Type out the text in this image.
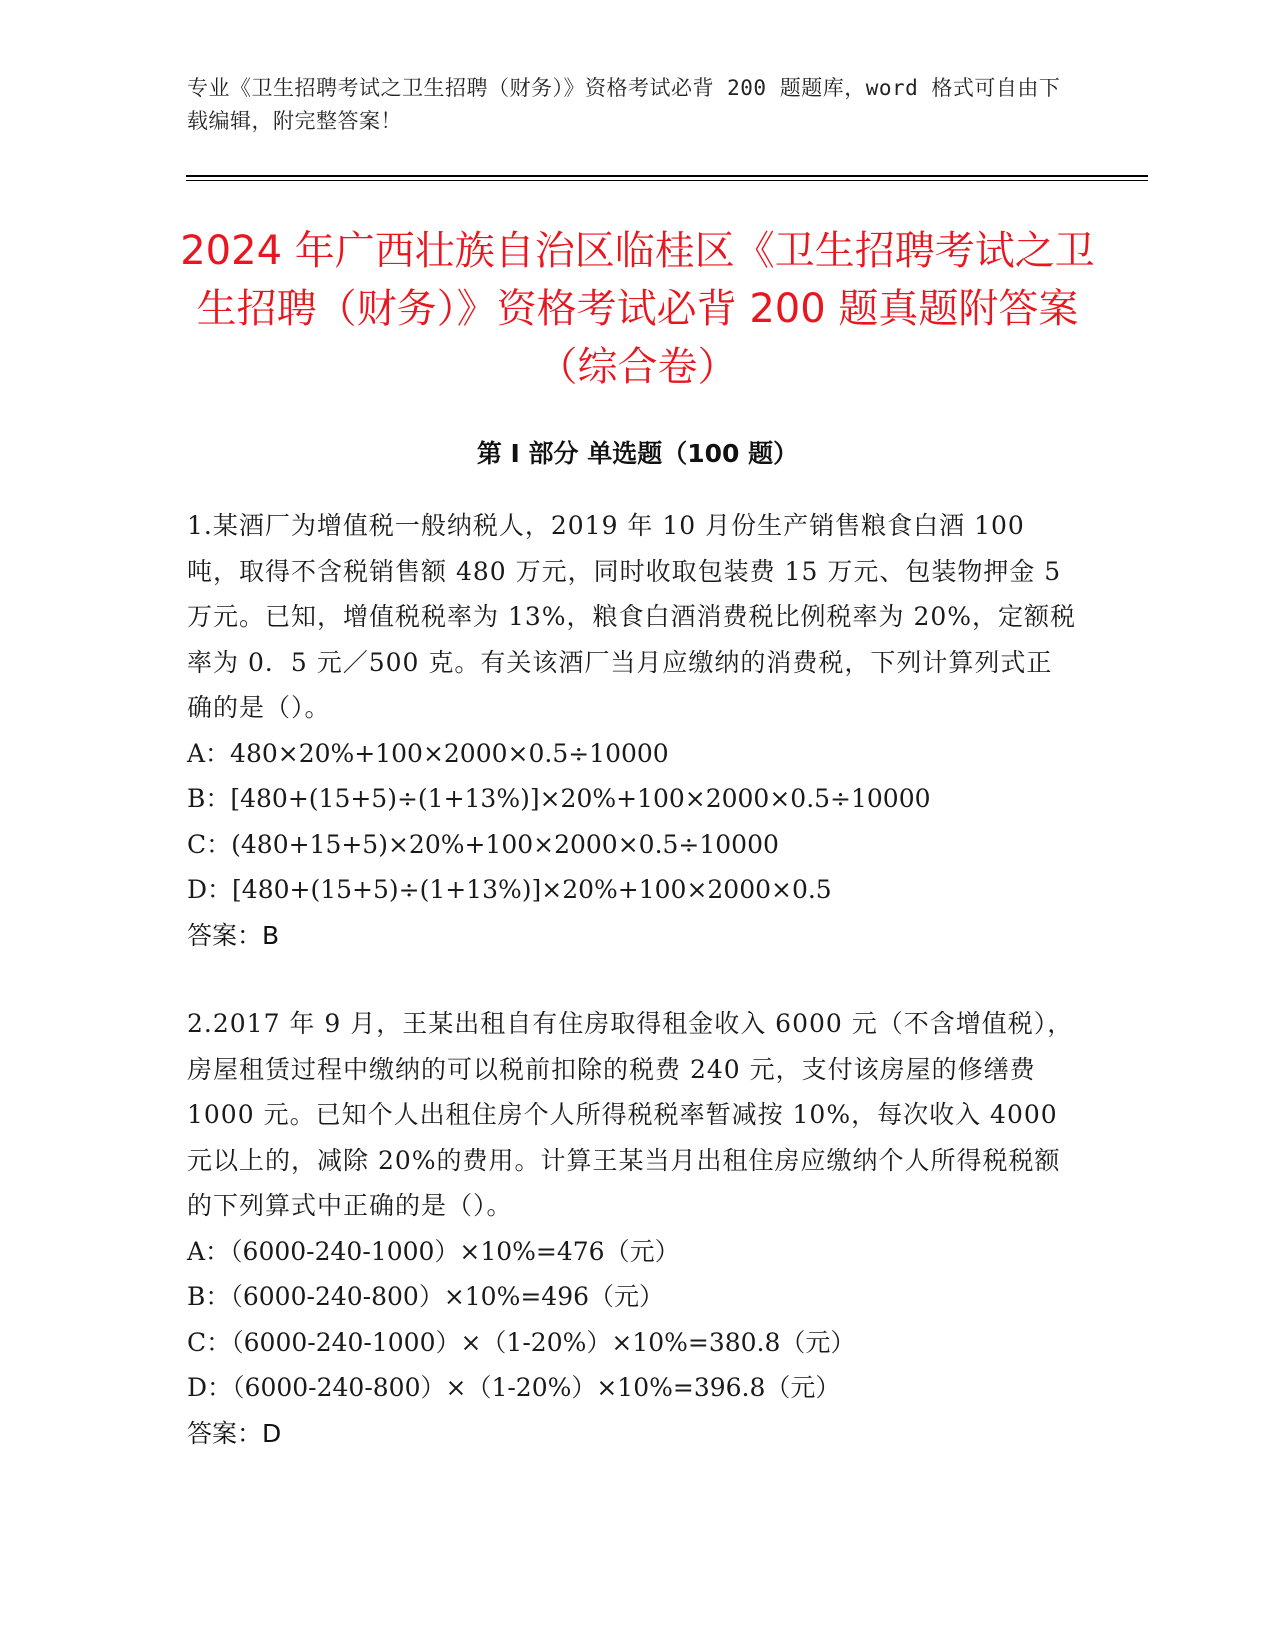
专业《卫生招聘考试之卫生招聘（财务）》资格考试必背 200 题题库，word 格式可自由下载编辑，附完整答案！
2024 年广西壮族自治区临桂区《卫生招聘考试之卫生招聘（财务）》资格考试必背 200 题真题附答案（综合卷）
第 I 部分 单选题（100 题）

1.某酒厂为增值税一般纳税人，2019 年 10 月份生产销售粮食白酒 100 吨，取得不含税销售额 480 万元，同时收取包装费 15 万元、包装物押金 5 万元。已知，增值税税率为 13%，粮食白酒消费税比例税率为 20%，定额税率为 0．5 元／500 克。有关该酒厂当月应缴纳的消费税，下列计算列式正确的是（）。

A：480×20%+100×2000×0.5÷10000

B：[480+(15+5)÷(1+13%)]×20%+100×2000×0.5÷10000

C：(480+15+5)×20%+100×2000×0.5÷10000

D：[480+(15+5)÷(1+13%)]×20%+100×2000×0.5

答案：B

2.2017 年 9 月，王某出租自有住房取得租金收入 6000 元（不含增值税），房屋租赁过程中缴纳的可以税前扣除的税费 240 元，支付该房屋的修缮费 1000 元。已知个人出租住房个人所得税税率暂减按 10%，每次收入 4000 元以上的，减除 20%的费用。计算王某当月出租住房应缴纳个人所得税税额的下列算式中正确的是（）。

A：（6000-240-1000）×10%=476（元）

B：（6000-240-800）×10%=496（元）

C：（6000-240-1000）×（1-20%）×10%=380.8（元）

D：（6000-240-800）×（1-20%）×10%=396.8（元）

答案：D
